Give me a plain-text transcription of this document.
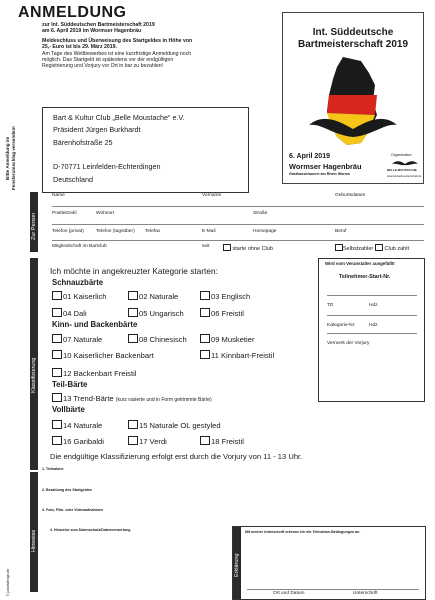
ANMELDUNG
zur Int. Süddeutschen Bartmeisterschaft 2019
am 6. April 2019 im Wormser Hagenbräu
Meldeschluss und Überweisung des Startgeldes in Höhe von
25,- Euro ist bis 29. März 2019.
Am Tage des Wettbewerbes ist eine kurzfristige Anmeldung noch
möglich. Das Startgeld ist spätestens vor der endgültigen
Registrierung und Vorjury vor Ort in bar zu bezahlen!
Bitte Anmeldung im Fensterumschlag versenden!
Int. Süddeutsche
Bartmeisterschaft 2019
6. April 2019
Wormser Hagenbräu
Gasthausbrauerei am Rhein Worms
Organisation:
BELLE MOUSTACHE
www.bartweltmeisterschaft.de
Bart & Kultur Club „Belle Moustache“ e.V.
Präsident Jürgen Burkhardt
Bärenhofstraße 25
D-70771 Leinfelden-Echterdingen
Deutschland
Zur Person
Name	Vorname	Geburtsdatum
Postleitzahl	Wohnort	Straße
Telefon (privat)	Telefon (tagsüber) Telefax	E-Mail	Homepage	Beruf
Mitgliedschaft im Bartclub	seit	starte ohne Club	Selbstzahler	Club zahlt
Klassifizierung
Ich möchte in angekreuzter Kategorie starten:
Schnauzbärte
01 Kaiserlich	02 Naturale	03 Englisch
04 Dali	05 Ungarisch	06 Freistil
Kinn- und Backenbärte
07 Naturale	08 Chinesisch	09 Musketier
10 Kaiserlicher Backenbart	11 Kinnbart-Freistil
12 Backenbart Freistil
Teil-Bärte
13 Trend-Bärte (kurz rasierte und in Form getrimmte Bärte)
Vollbärte
14 Naturale	15 Naturale OL gestyled
16 Garibaldi	17 Verdi	18 Freistil
Die endgültige Klassifizierung erfolgt erst durch die Vorjury von 11 - 13 Uhr.
Wird vom Veranstalter ausgefüllt!
Teilnehmer-Start-Nr.
TD	Hdz.
Kategorie-Nr.	Hdz.
Vermerk der Vorjury
Hinweise
1. Teilnahme
2. Bezahlung des Startgeldes
3. Foto, Film- oder Videoaufnahmen
4. Hinweise zum Datenschutz/Datenverwertung
Erklärung
Mit meiner Unterschrift erkenne ich die Teilnahme-Bedingungen an.
Ort und Datum	Unterschrift
© junahdesign.de
